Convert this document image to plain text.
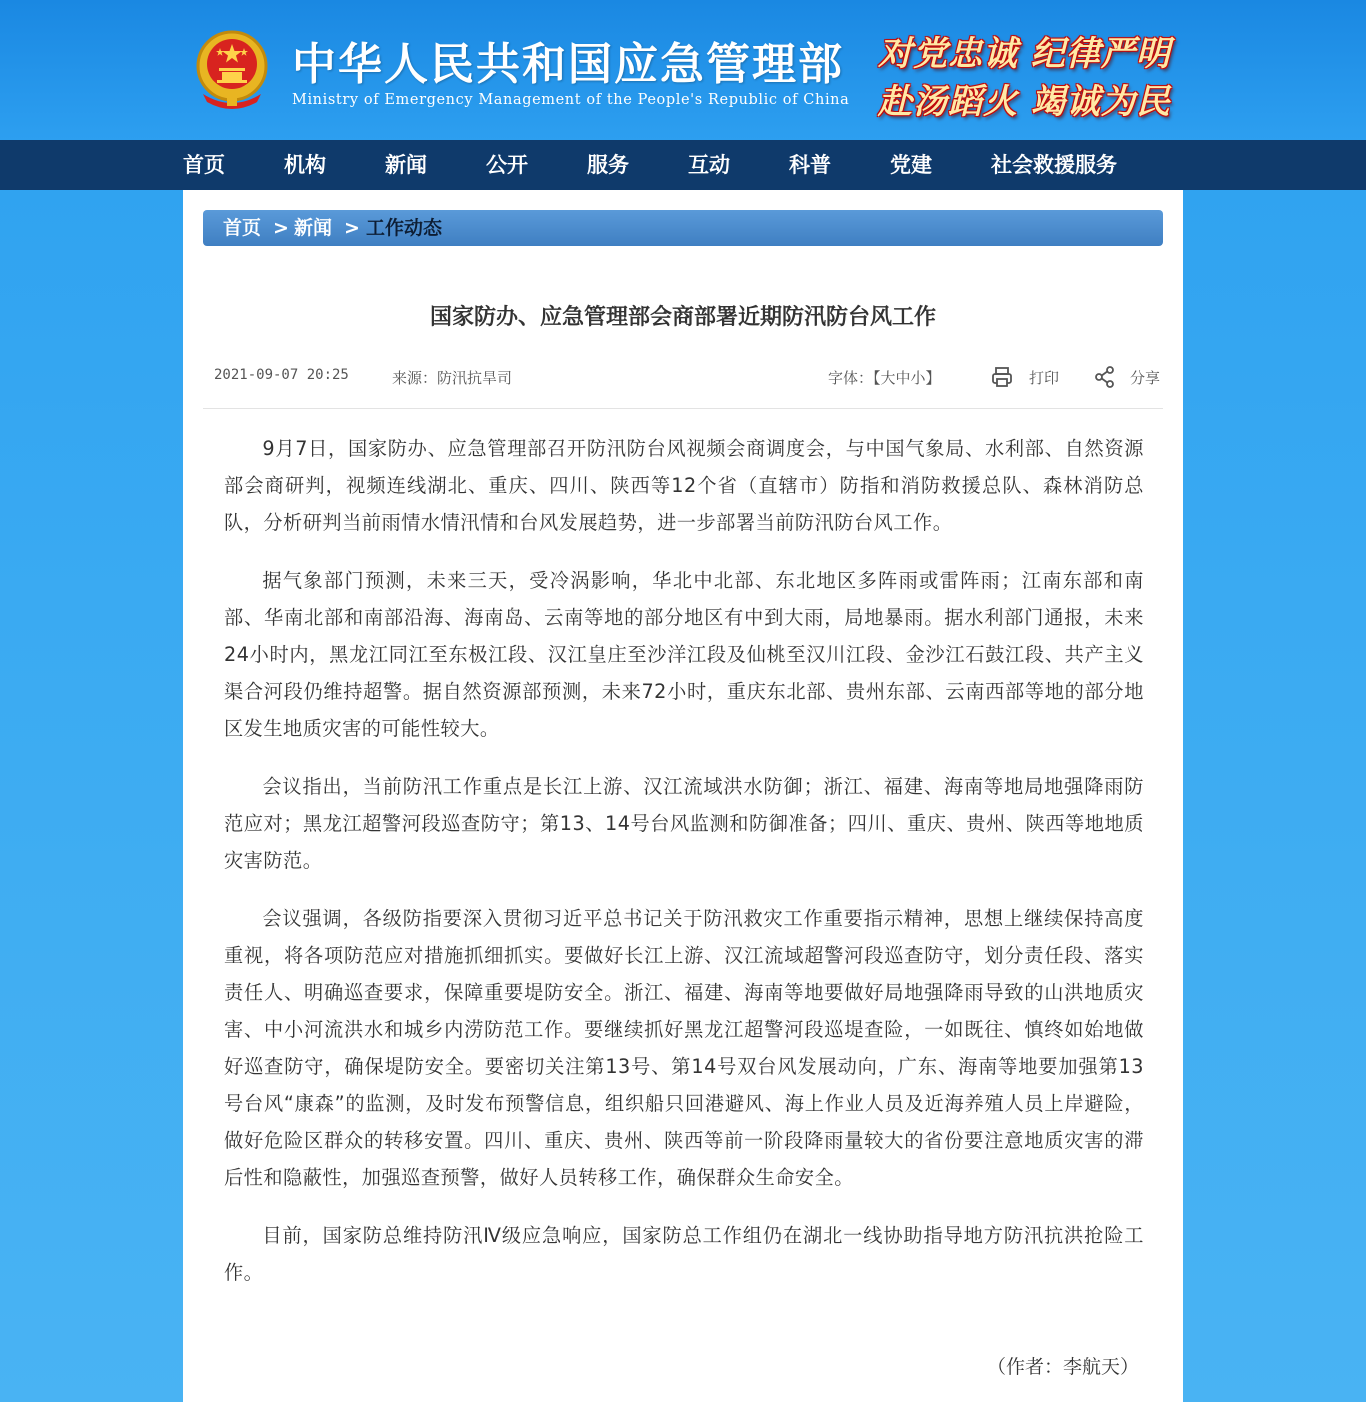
中华人民共和国应急管理部
Ministry of Emergency Management of the People's Republic of China
对党忠诚 纪律严明
赴汤蹈火 竭诚为民
首页	机构	新闻	公开	服务	互动	科普	党建	社会救援服务
首页 > 新闻 > 工作动态
国家防办、应急管理部会商部署近期防汛防台风工作
2021-09-07 20:25	来源：防汛抗旱司	字体：【大中小】	打印	分享

9月7日，国家防办、应急管理部召开防汛防台风视频会商调度会，与中国气象局、水利部、自然资源部会商研判，视频连线湖北、重庆、四川、陕西等12个省（直辖市）防指和消防救援总队、森林消防总队，分析研判当前雨情水情汛情和台风发展趋势，进一步部署当前防汛防台风工作。

据气象部门预测，未来三天，受冷涡影响，华北中北部、东北地区多阵雨或雷阵雨；江南东部和南部、华南北部和南部沿海、海南岛、云南等地的部分地区有中到大雨，局地暴雨。据水利部门通报，未来24小时内，黑龙江同江至东极江段、汉江皇庄至沙洋江段及仙桃至汉川江段、金沙江石鼓江段、共产主义渠合河段仍维持超警。据自然资源部预测，未来72小时，重庆东北部、贵州东部、云南西部等地的部分地区发生地质灾害的可能性较大。

会议指出，当前防汛工作重点是长江上游、汉江流域洪水防御；浙江、福建、海南等地局地强降雨防范应对；黑龙江超警河段巡查防守；第13、14号台风监测和防御准备；四川、重庆、贵州、陕西等地地质灾害防范。

会议强调，各级防指要深入贯彻习近平总书记关于防汛救灾工作重要指示精神，思想上继续保持高度重视，将各项防范应对措施抓细抓实。要做好长江上游、汉江流域超警河段巡查防守，划分责任段、落实责任人、明确巡查要求，保障重要堤防安全。浙江、福建、海南等地要做好局地强降雨导致的山洪地质灾害、中小河流洪水和城乡内涝防范工作。要继续抓好黑龙江超警河段巡堤查险，一如既往、慎终如始地做好巡查防守，确保堤防安全。要密切关注第13号、第14号双台风发展动向，广东、海南等地要加强第13号台风“康森”的监测，及时发布预警信息，组织船只回港避风、海上作业人员及近海养殖人员上岸避险，做好危险区群众的转移安置。四川、重庆、贵州、陕西等前一阶段降雨量较大的省份要注意地质灾害的滞后性和隐蔽性，加强巡查预警，做好人员转移工作，确保群众生命安全。

目前，国家防总维持防汛Ⅳ级应急响应，国家防总工作组仍在湖北一线协助指导地方防汛抗洪抢险工作。

（作者：李航天）
